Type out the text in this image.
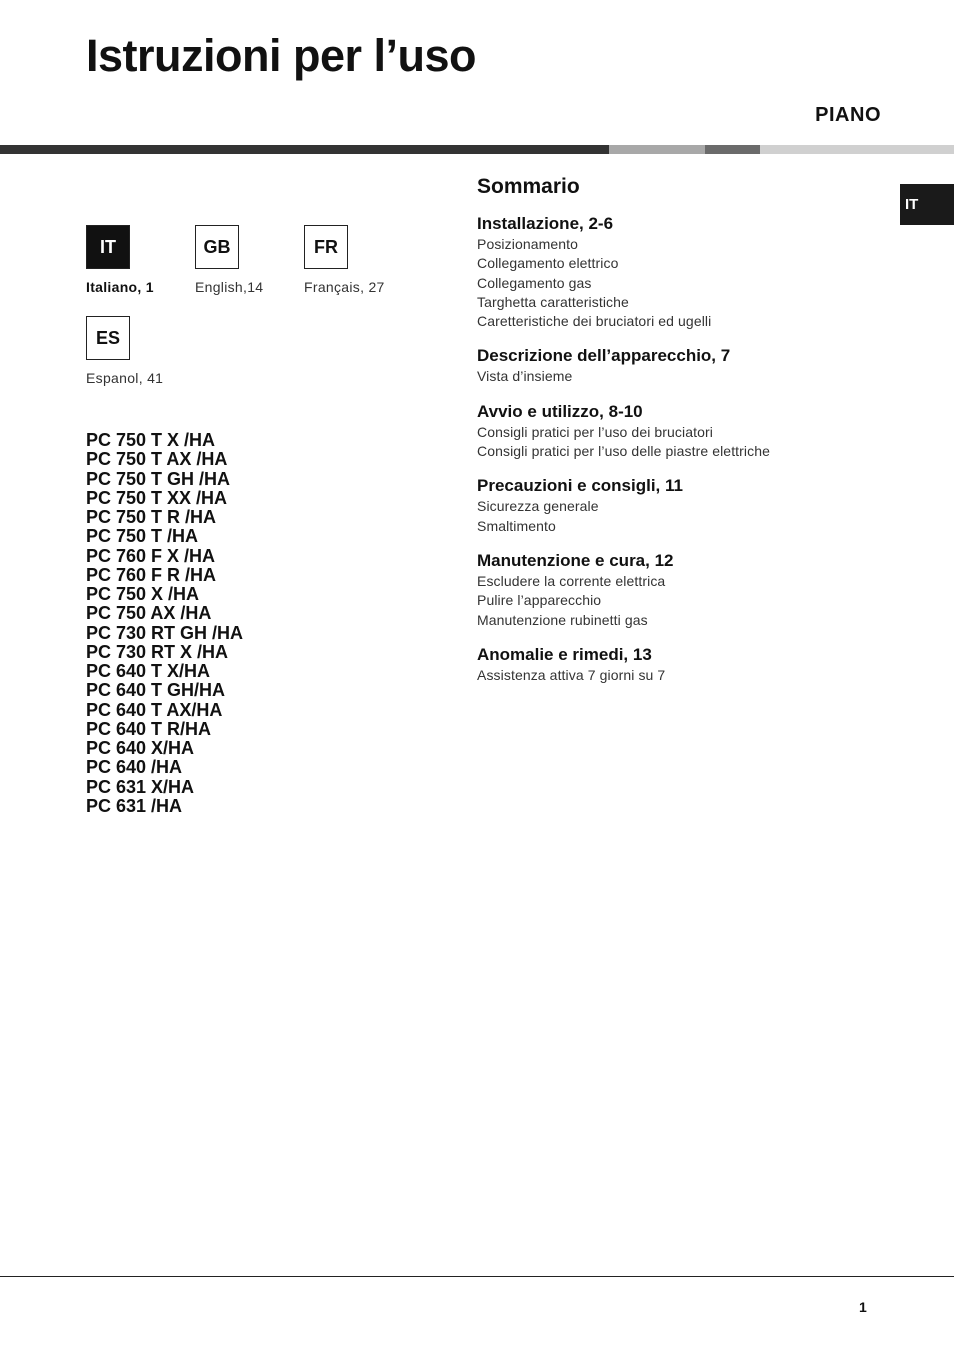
Istruzioni per l’uso
PIANO
IT
IT
Italiano, 1
GB
English,14
FR
Français, 27
ES
Espanol, 41
PC 750 T X /HA
PC 750 T AX /HA
PC 750 T GH /HA
PC 750 T XX /HA
PC 750 T R /HA
PC 750 T /HA
PC 760 F X /HA
PC 760 F R /HA
PC 750 X /HA
PC 750 AX /HA
PC 730 RT GH /HA
PC 730 RT X /HA
PC 640 T X/HA
PC 640 T GH/HA
PC 640 T AX/HA
PC 640 T R/HA
PC 640 X/HA
PC 640 /HA
PC 631 X/HA
PC 631 /HA
Sommario
Installazione, 2-6
Posizionamento
Collegamento elettrico
Collegamento gas
Targhetta caratteristiche
Caretteristiche dei bruciatori ed ugelli
Descrizione dell’apparecchio, 7
Vista d’insieme
Avvio e utilizzo, 8-10
Consigli pratici per l’uso dei bruciatori
Consigli pratici per l’uso delle piastre elettriche
Precauzioni e consigli, 11
Sicurezza generale
Smaltimento
Manutenzione e cura, 12
Escludere la corrente elettrica
Pulire l’apparecchio
Manutenzione rubinetti gas
Anomalie e rimedi, 13
Assistenza attiva 7 giorni su 7
1
